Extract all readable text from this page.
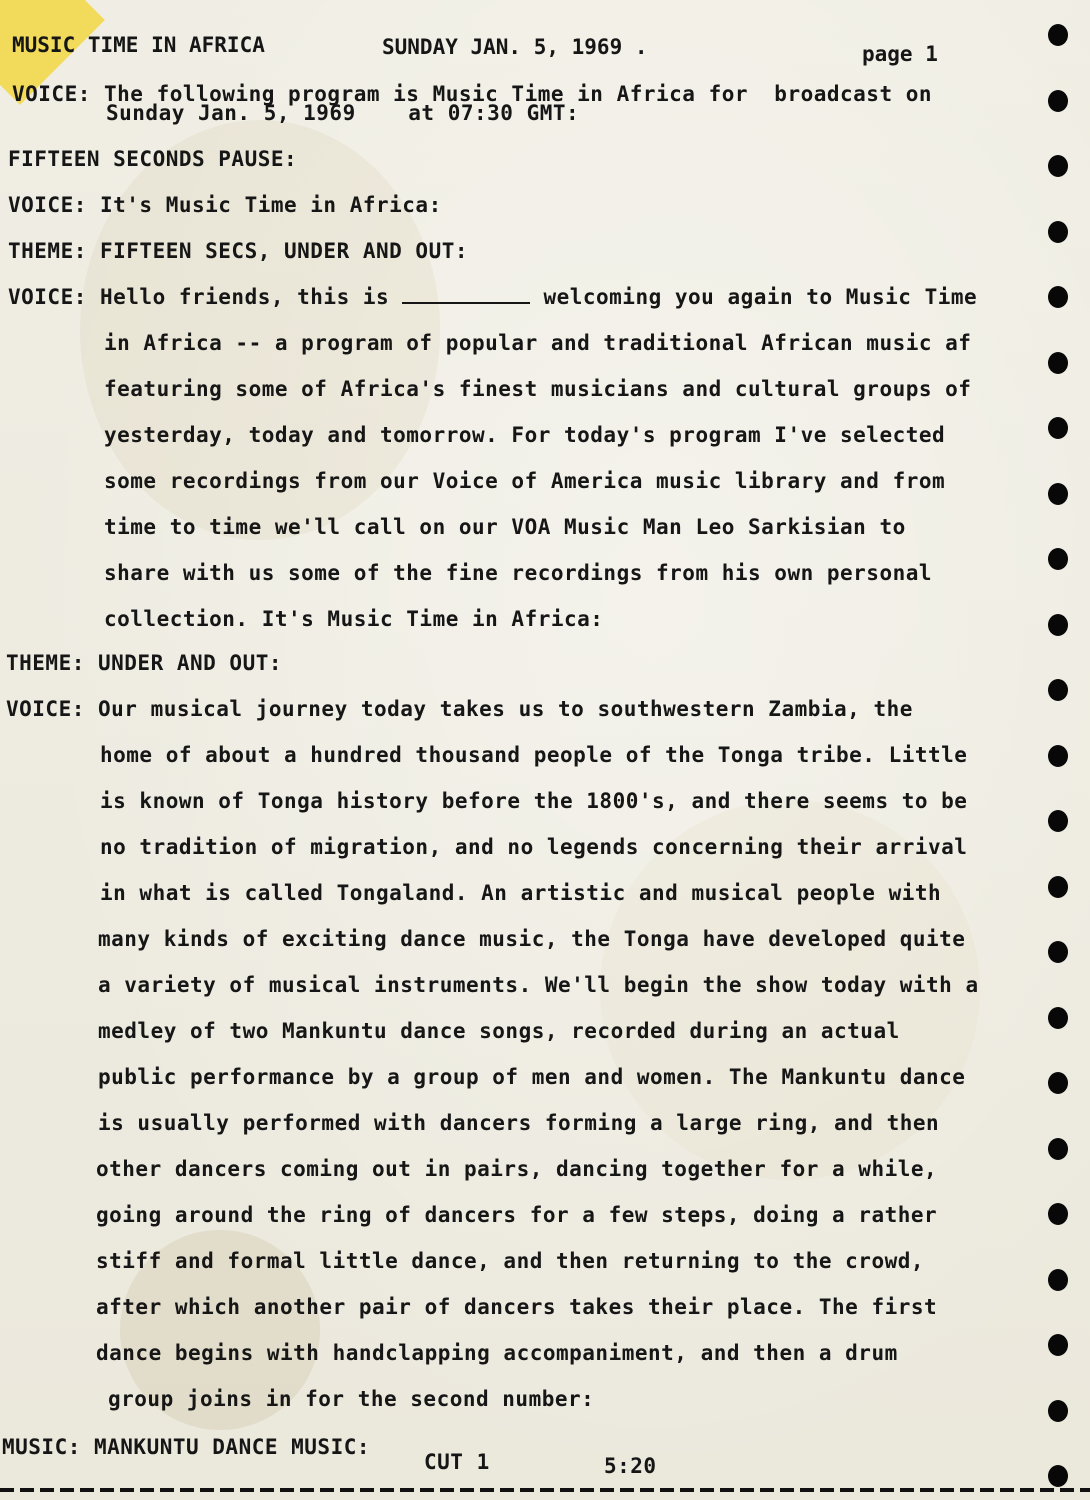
MUSIC TIME IN AFRICA	SUNDAY JAN. 5, 1969 .	page 1
VOICE: The following program is Music Time in Africa for  broadcast on
Sunday Jan. 5, 1969    at 07:30 GMT:
FIFTEEN SECONDS PAUSE:
VOICE: It's Music Time in Africa:
THEME: FIFTEEN SECS, UNDER AND OUT:
VOICE: Hello friends, this is	welcoming you again to Music Time
in Africa -- a program of popular and traditional African music af
featuring some of Africa's finest musicians and cultural groups of
yesterday, today and tomorrow. For today's program I've selected
some recordings from our Voice of America music library and from
time to time we'll call on our VOA Music Man Leo Sarkisian to
share with us some of the fine recordings from his own personal
collection. It's Music Time in Africa:
THEME: UNDER AND OUT:
VOICE: Our musical journey today takes us to southwestern Zambia, the
home of about a hundred thousand people of the Tonga tribe. Little
is known of Tonga history before the 1800's, and there seems to be
no tradition of migration, and no legends concerning their arrival
in what is called Tongaland. An artistic and musical people with
many kinds of exciting dance music, the Tonga have developed quite
a variety of musical instruments. We'll begin the show today with a
medley of two Mankuntu dance songs, recorded during an actual
public performance by a group of men and women. The Mankuntu dance
is usually performed with dancers forming a large ring, and then
other dancers coming out in pairs, dancing together for a while,
going around the ring of dancers for a few steps, doing a rather
stiff and formal little dance, and then returning to the crowd,
after which another pair of dancers takes their place. The first
dance begins with handclapping accompaniment, and then a drum
group joins in for the second number:
MUSIC: MANKUNTU DANCE MUSIC:
CUT 1	5:20
